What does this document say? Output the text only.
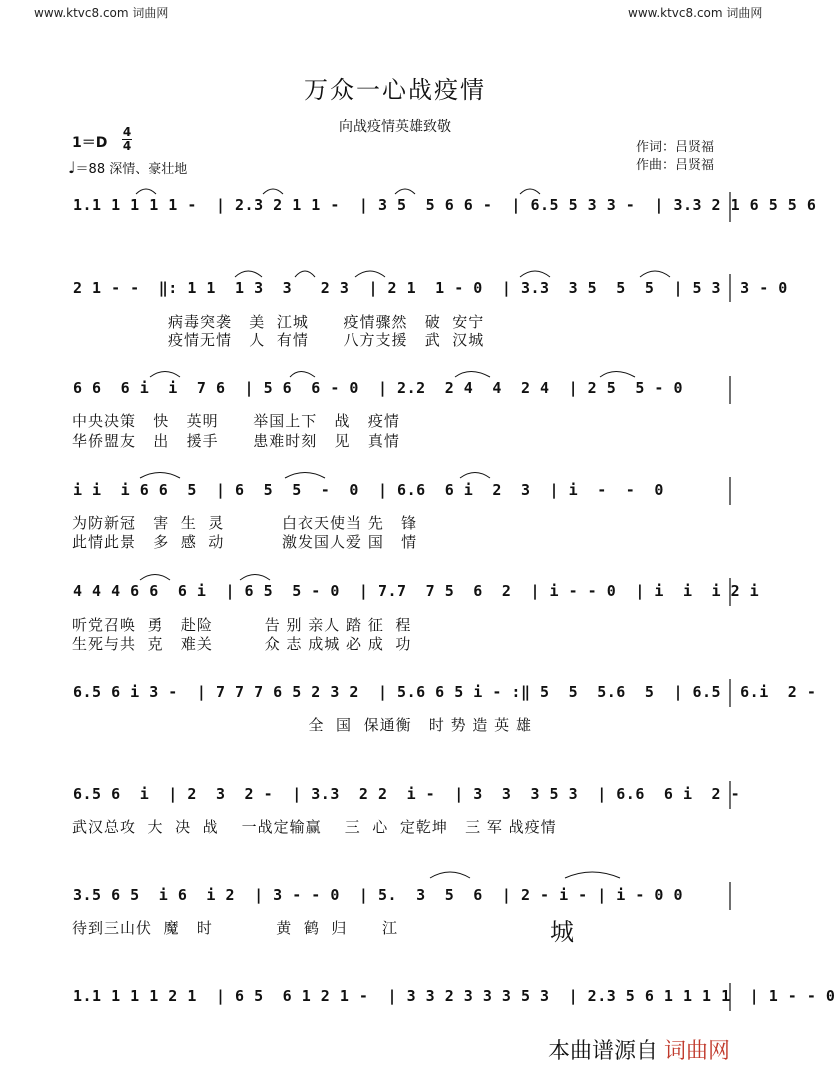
www.ktvc8.com 词曲网	www.ktvc8.com 词曲网
万众一心战疫情
向战疫情英雄致敬
1＝D
4
4
♩＝88 深情、豪壮地
作词：吕贤福
作曲：吕贤福
1.1 1 1 1 1 -  | 2.3 2 1 1 -  | 3 5  5 6 6 -  | 6.5 5 3 3 -  | 3.3 2 1 6 5 5 6
2 1 - -  ‖: 1 1  1 3  3   2 3  | 2 1  1 - 0  | 3.3  3 5  5  5  | 5 3  3 - 0
病毒突袭   美  江城      疫情骤然   破  安宁
疫情无情   人  有情      八方支援   武  汉城
6 6  6 i  i  7 6  | 5 6  6 - 0  | 2.2  2 4  4  2 4  | 2 5  5 - 0
中央决策   快   英明      举国上下   战   疫情
华侨盟友   出   援手      患难时刻   见   真情
i i  i 6 6  5  | 6  5  5  -  0  | 6.6  6 i  2  3  | i  -  -  0
为防新冠   害  生  灵          白衣天使当 先   锋
此情此景   多  感  动          激发国人爱 国   情
4 4 4 6 6  6 i  | 6 5  5 - 0  | 7.7  7 5  6  2  | i - - 0  | i  i  i 2 i
听党召唤  勇   赴险         告 别 亲人 踏 征  程
生死与共  克   难关         众 志 成城 必 成  功
6.5 6 i 3 -  | 7 7 7 6 5 2 3 2  | 5.6 6 5 i - :‖ 5  5  5.6  5  | 6.5  6.i  2 -
全  国  保通衡   时 势 造 英 雄
6.5 6  i  | 2  3  2 -  | 3.3  2 2  i -  | 3  3  3 5 3  | 6.6  6 i  2 -
武汉总攻  大  决  战    一战定输赢    三  心  定乾坤   三 军 战疫情
3.5 6 5  i 6  i 2  | 3 - - 0  | 5.  3  5  6  | 2 - i - | i - 0 0
待到三山伏  魔   时           黄  鹤  归      江	城
1.1 1 1 1 2 1  | 6 5  6 1 2 1 -  | 3 3 2 3 3 3 5 3  | 2.3 5 6 1 1 1 1  | 1 - - 0
本曲谱源自 词曲网
